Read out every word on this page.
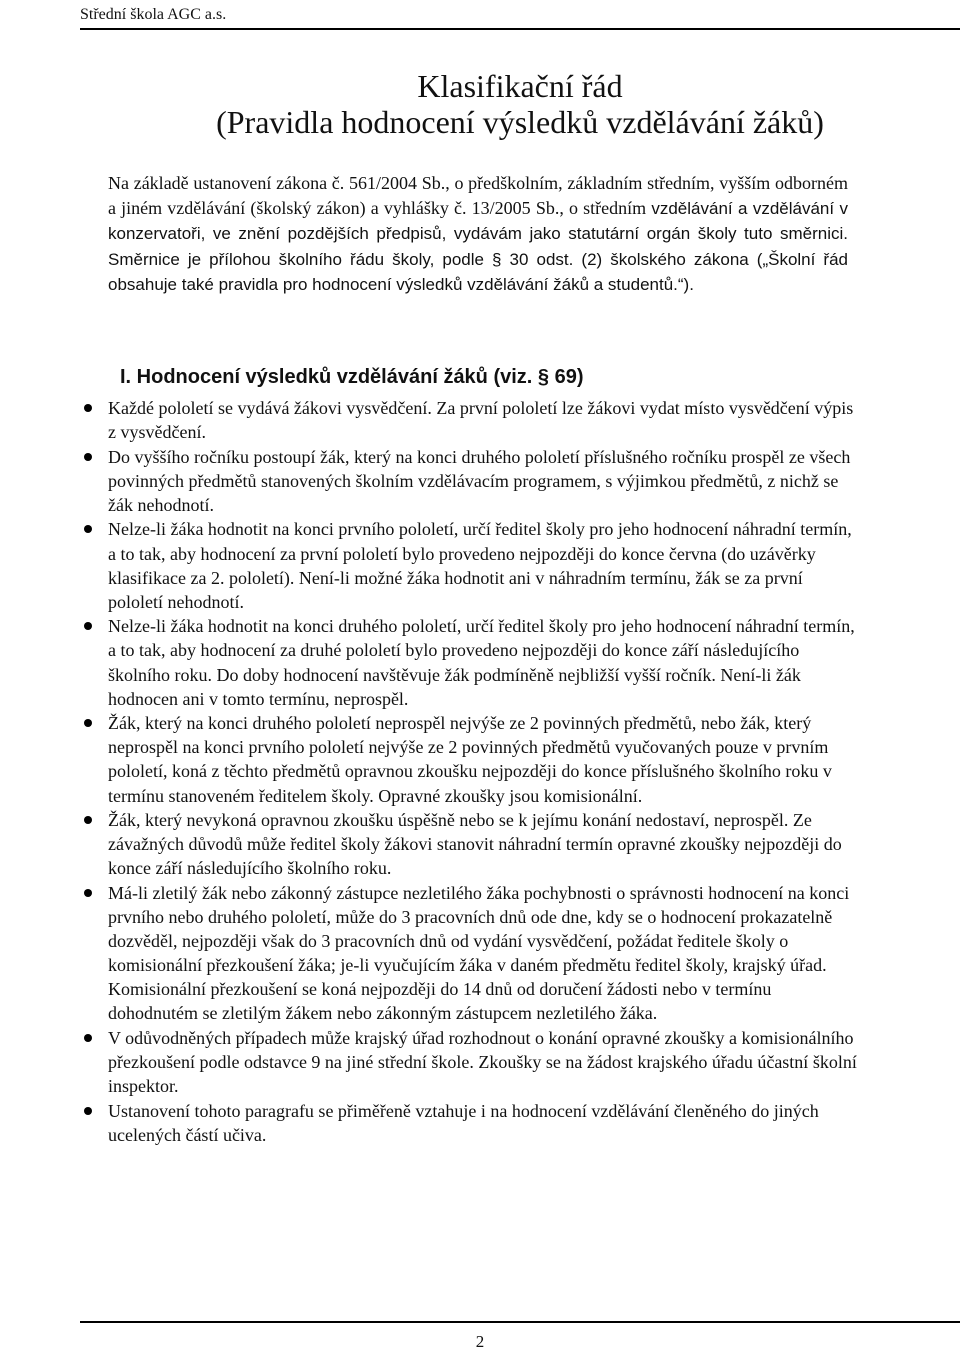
Střední škola AGC a.s.
Klasifikační řád
(Pravidla hodnocení výsledků vzdělávání žáků)
Na základě ustanovení zákona č. 561/2004 Sb., o předškolním, základním středním, vyšším odborném a jiném vzdělávání (školský zákon) a vyhlášky č. 13/2005 Sb., o středním vzdělávání a vzdělávání v konzervatoři, ve znění pozdějších předpisů, vydávám jako statutární orgán školy tuto směrnici. Směrnice je přílohou školního řádu školy, podle § 30 odst. (2) školského zákona („Školní řád obsahuje také pravidla pro hodnocení výsledků vzdělávání žáků a studentů.“).
I. Hodnocení výsledků vzdělávání žáků (viz. § 69)
Každé pololetí se vydává žákovi vysvědčení. Za první pololetí lze žákovi vydat místo vysvědčení výpis z vysvědčení.
Do vyššího ročníku postoupí žák, který na konci druhého pololetí příslušného ročníku prospěl ze všech povinných předmětů stanovených školním vzdělávacím programem, s výjimkou předmětů, z nichž se žák nehodnotí.
Nelze-li žáka hodnotit na konci prvního pololetí, určí ředitel školy pro jeho hodnocení náhradní termín, a to tak, aby hodnocení za první pololetí bylo provedeno nejpozději do konce června (do uzávěrky klasifikace za 2. pololetí). Není-li možné žáka hodnotit ani v náhradním termínu, žák se za první pololetí nehodnotí.
Nelze-li žáka hodnotit na konci druhého pololetí, určí ředitel školy pro jeho hodnocení náhradní termín, a to tak, aby hodnocení za druhé pololetí bylo provedeno nejpozději do konce září následujícího školního roku. Do doby hodnocení navštěvuje žák podmíněně nejbližší vyšší ročník. Není-li žák hodnocen ani v tomto termínu, neprospěl.
Žák, který na konci druhého pololetí neprospěl nejvýše ze 2 povinných předmětů, nebo žák, který neprospěl na konci prvního pololetí nejvýše ze 2 povinných předmětů vyučovaných pouze v prvním pololetí, koná z těchto předmětů opravnou zkoušku nejpozději do konce příslušného školního roku v termínu stanoveném ředitelem školy. Opravné zkoušky jsou komisionální.
Žák, který nevykoná opravnou zkoušku úspěšně nebo se k jejímu konání nedostaví, neprospěl. Ze závažných důvodů může ředitel školy žákovi stanovit náhradní termín opravné zkoušky nejpozději do konce září následujícího školního roku.
Má-li zletilý žák nebo zákonný zástupce nezletilého žáka pochybnosti o správnosti hodnocení na konci prvního nebo druhého pololetí, může do 3 pracovních dnů ode dne, kdy se o hodnocení prokazatelně dozvěděl, nejpozději však do 3 pracovních dnů od vydání vysvědčení, požádat ředitele školy o komisionální přezkoušení žáka; je-li vyučujícím žáka v daném předmětu ředitel školy, krajský úřad. Komisionální přezkoušení se koná nejpozději do 14 dnů od doručení žádosti nebo v termínu dohodnutém se zletilým žákem nebo zákonným zástupcem nezletilého žáka.
V odůvodněných případech může krajský úřad rozhodnout o konání opravné zkoušky a komisionálního přezkoušení podle odstavce 9 na jiné střední škole. Zkoušky se na žádost krajského úřadu účastní školní inspektor.
Ustanovení tohoto paragrafu se přiměřeně vztahuje i na hodnocení vzdělávání členěného do jiných ucelených částí učiva.
2
